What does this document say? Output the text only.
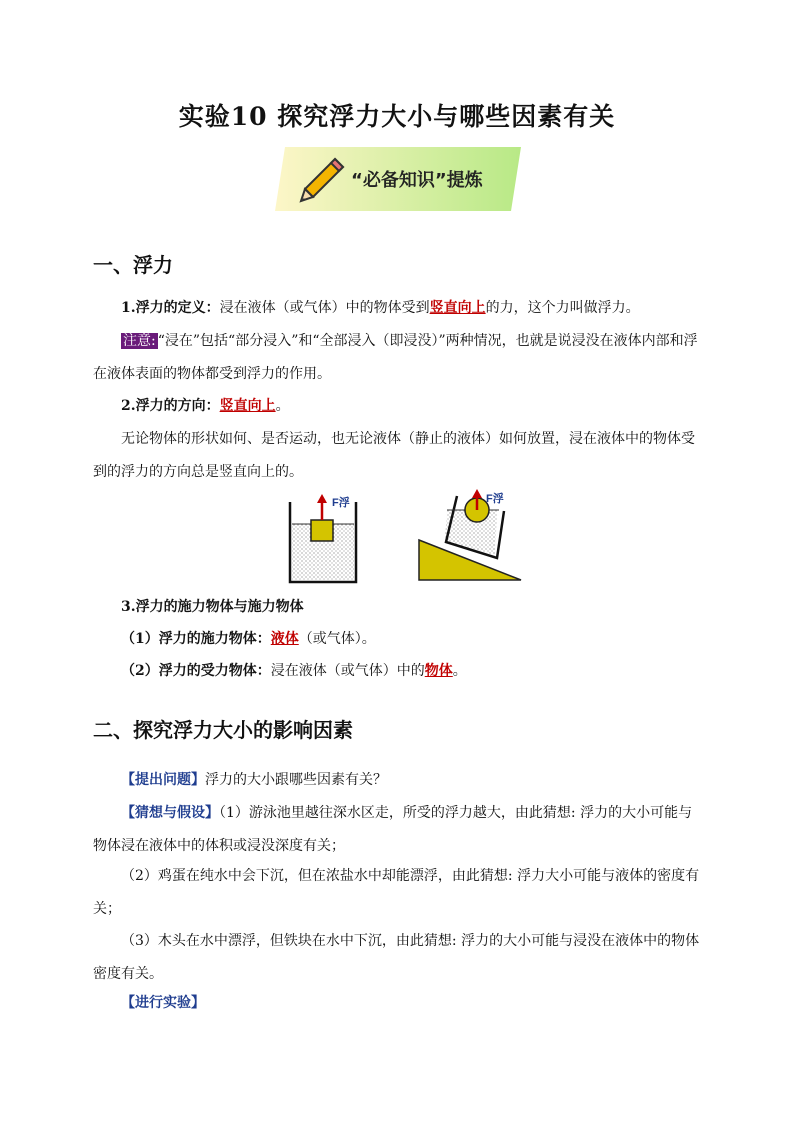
实验10 探究浮力大小与哪些因素有关
“必备知识”提炼
一、浮力
1.浮力的定义：浸在液体（或气体）中的物体受到竖直向上的力，这个力叫做浮力。
注意: “浸在”包括“部分浸入”和“全部浸入（即浸没）”两种情况，也就是说浸没在液体内部和浮在液体表面的物体都受到浮力的作用。
2.浮力的方向：竖直向上。
无论物体的形状如何、是否运动，也无论液体（静止的液体）如何放置，浸在液体中的物体受到的浮力的方向总是竖直向上的。
F浮	F浮
3.浮力的施力物体与施力物体
（1）浮力的施力物体：液体（或气体）。
（2）浮力的受力物体：浸在液体（或气体）中的物体。
二、探究浮力大小的影响因素
【提出问题】浮力的大小跟哪些因素有关？
【猜想与假设】（1）游泳池里越往深水区走，所受的浮力越大，由此猜想: 浮力的大小可能与物体浸在液体中的体积或浸没深度有关；
（2）鸡蛋在纯水中会下沉，但在浓盐水中却能漂浮，由此猜想: 浮力大小可能与液体的密度有关；
（3）木头在水中漂浮，但铁块在水中下沉，由此猜想: 浮力的大小可能与浸没在液体中的物体密度有关。
【进行实验】
